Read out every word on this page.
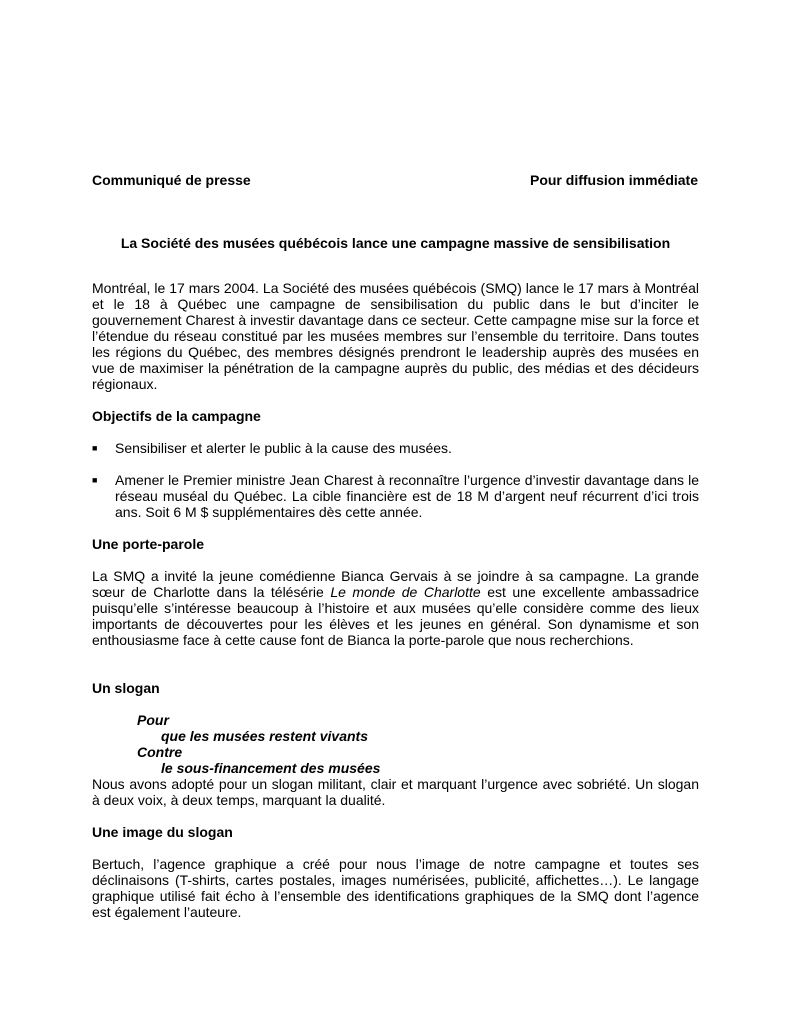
Communiqué de presse	Pour diffusion immédiate
La Société des musées québécois lance une campagne massive de sensibilisation

Montréal, le 17 mars 2004. La Société des musées québécois (SMQ) lance le 17 mars à Montréal et le 18 à Québec une campagne de sensibilisation du public dans le but d’inciter le gouvernement Charest à investir davantage dans ce secteur. Cette campagne mise sur la force et l’étendue du réseau constitué par les musées membres sur l’ensemble du territoire. Dans toutes les régions du Québec, des membres désignés prendront le leadership auprès des musées en vue de maximiser la pénétration de la campagne auprès du public, des médias et des décideurs régionaux.

Objectifs de la campagne

■ Sensibiliser et alerter le public à la cause des musées.
■ Amener le Premier ministre Jean Charest à reconnaître l’urgence d’investir davantage dans le réseau muséal du Québec. La cible financière est de 18 M d’argent neuf récurrent d’ici trois ans. Soit 6 M $ supplémentaires dès cette année.

Une porte-parole

La SMQ a invité la jeune comédienne Bianca Gervais à se joindre à sa campagne. La grande sœur de Charlotte dans la télésérie Le monde de Charlotte est une excellente ambassadrice puisqu’elle s’intéresse beaucoup à l’histoire et aux musées qu’elle considère comme des lieux importants de découvertes pour les élèves et les jeunes en général. Son dynamisme et son enthousiasme face à cette cause font de Bianca la porte-parole que nous recherchions.

Un slogan

Pour
que les musées restent vivants
Contre
le sous-financement des musées

Nous avons adopté pour un slogan militant, clair et marquant l’urgence avec sobriété. Un slogan à deux voix, à deux temps, marquant la dualité.

Une image du slogan

Bertuch, l’agence graphique a créé pour nous l’image de notre campagne et toutes ses déclinaisons (T-shirts, cartes postales, images numérisées, publicité, affichettes…). Le langage graphique utilisé fait écho à l’ensemble des identifications graphiques de la SMQ dont l’agence est également l’auteure.
